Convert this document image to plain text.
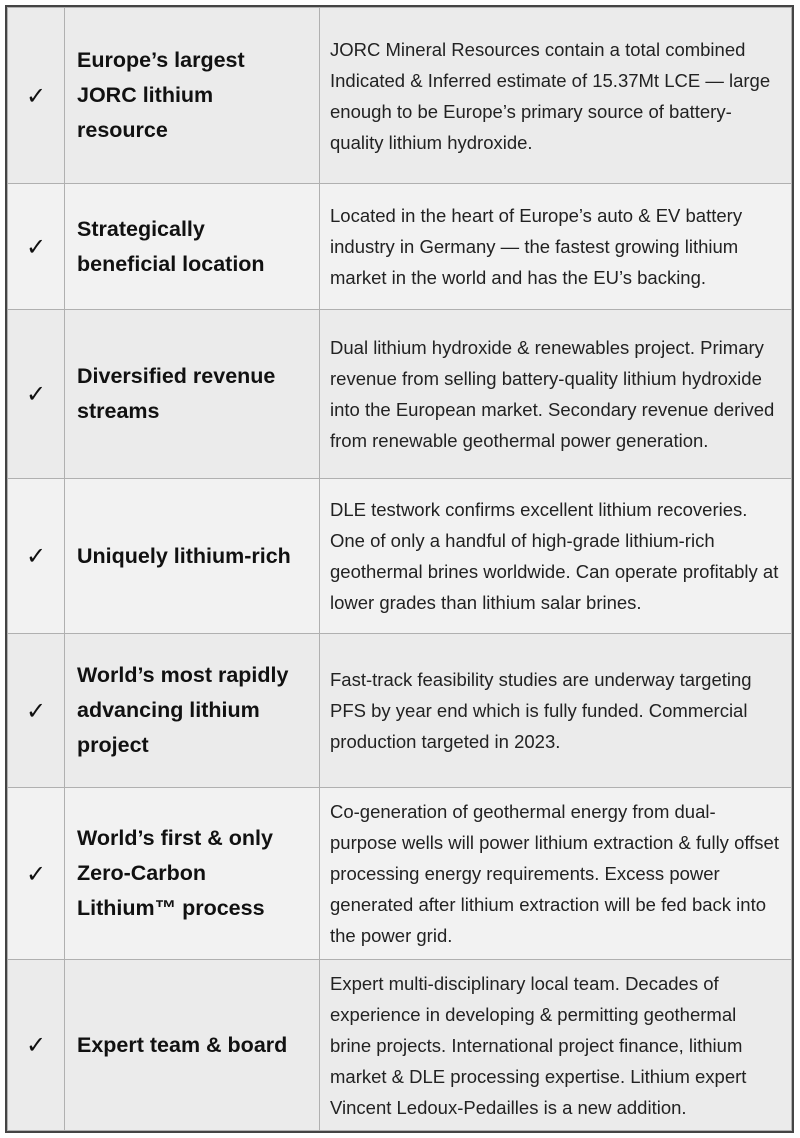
✓	Europe’s largest JORC lithium resource	JORC Mineral Resources contain a total combined Indicated & Inferred estimate of 15.37Mt LCE — large enough to be Europe’s primary source of battery-quality lithium hydroxide.
✓	Strategically beneficial location	Located in the heart of Europe’s auto & EV battery industry in Germany — the fastest growing lithium market in the world and has the EU’s backing.
✓	Diversified revenue streams	Dual lithium hydroxide & renewables project. Primary revenue from selling battery-quality lithium hydroxide into the European market. Secondary revenue derived from renewable geothermal power generation.
✓	Uniquely lithium-rich	DLE testwork confirms excellent lithium recoveries. One of only a handful of high-grade lithium-rich geothermal brines worldwide. Can operate profitably at lower grades than lithium salar brines.
✓	World’s most rapidly advancing lithium project	Fast-track feasibility studies are underway targeting PFS by year end which is fully funded. Commercial production targeted in 2023.
✓	World’s first & only Zero-Carbon Lithium™ process	Co-generation of geothermal energy from dual-purpose wells will power lithium extraction & fully offset processing energy requirements. Excess power generated after lithium extraction will be fed back into the power grid.
✓	Expert team & board	Expert multi-disciplinary local team. Decades of experience in developing & permitting geothermal brine projects. International project finance, lithium market & DLE processing expertise. Lithium expert Vincent Ledoux-Pedailles is a new addition.
